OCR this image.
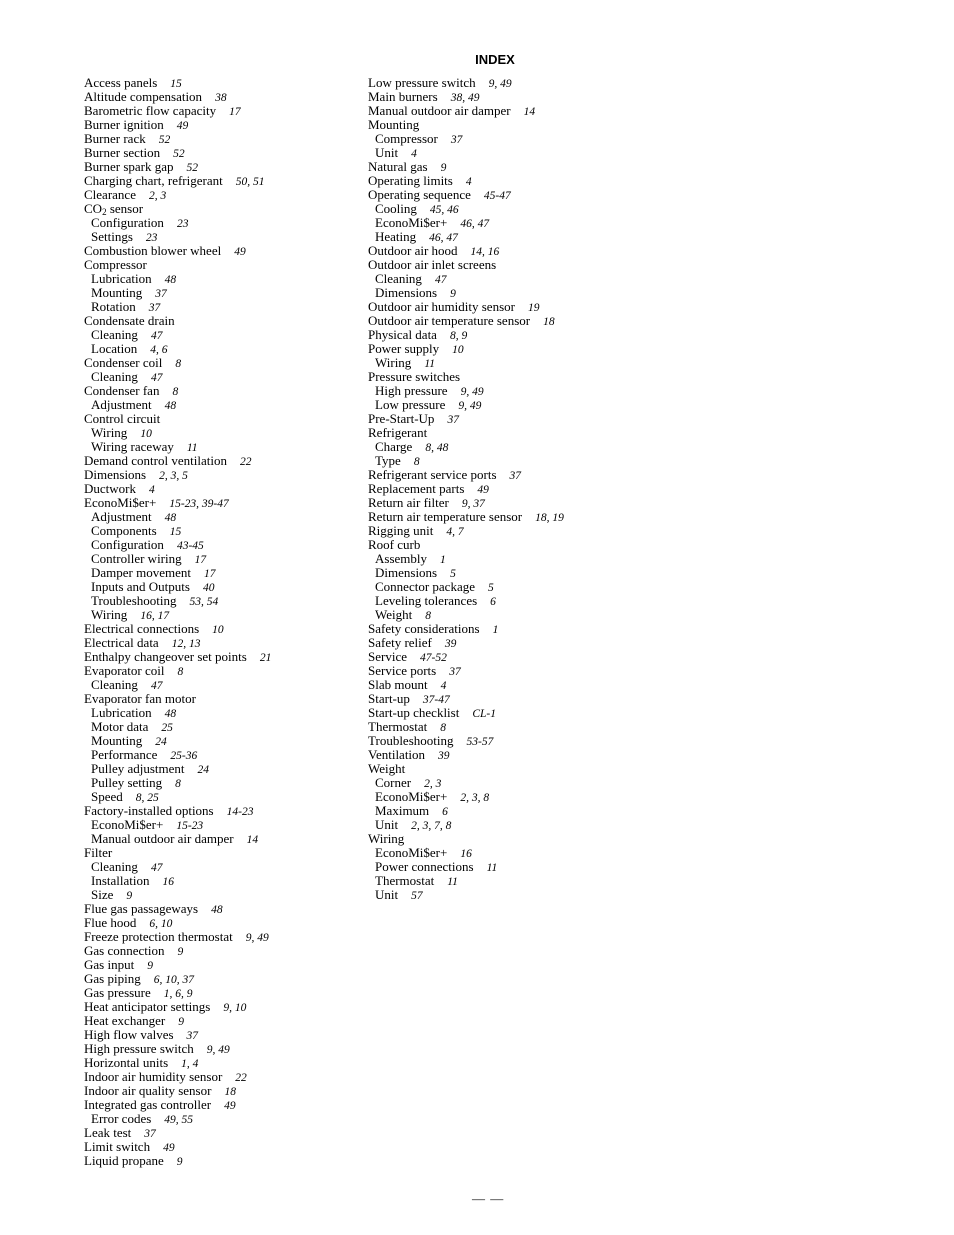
INDEX
Access panels 15
Altitude compensation 38
Barometric flow capacity 17
Burner ignition 49
Burner rack 52
Burner section 52
Burner spark gap 52
Charging chart, refrigerant 50, 51
Clearance 2, 3
$CO_2$ sensor
Configuration 23
Settings 23
Combustion blower wheel 49
Compressor
Lubrication 48
Mounting 37
Rotation 37
Condensate drain
Cleaning 47
Location 4, 6
Condenser coil 8
Cleaning 47
Condenser fan 8
Adjustment 48
Control circuit
Wiring 10
Wiring raceway 11
Demand control ventilation 22
Dimensions 2, 3, 5
Ductwork 4
EconoMi$er+ 15-23, 39-47
Adjustment 48
Components 15
Configuration 43-45
Controller wiring 17
Damper movement 17
Inputs and Outputs 40
Troubleshooting 53, 54
Wiring 16, 17
Electrical connections 10
Electrical data 12, 13
Enthalpy changeover set points 21
Evaporator coil 8
Cleaning 47
Evaporator fan motor
Lubrication 48
Motor data 25
Mounting 24
Performance 25-36
Pulley adjustment 24
Pulley setting 8
Speed 8, 25
Factory-installed options 14-23
EconoMi$er+ 15-23
Manual outdoor air damper 14
Filter
Cleaning 47
Installation 16
Size 9
Flue gas passageways 48
Flue hood 6, 10
Freeze protection thermostat 9, 49
Gas connection 9
Gas input 9
Gas piping 6, 10, 37
Gas pressure 1, 6, 9
Heat anticipator settings 9, 10
Heat exchanger 9
High flow valves 37
High pressure switch 9, 49
Horizontal units 1, 4
Indoor air humidity sensor 22
Indoor air quality sensor 18
Integrated gas controller 49
Error codes 49, 55
Leak test 37
Limit switch 49
Liquid propane 9
Low pressure switch 9, 49
Main burners 38, 49
Manual outdoor air damper 14
Mounting
Compressor 37
Unit 4
Natural gas 9
Operating limits 4
Operating sequence 45-47
Cooling 45, 46
EconoMi$er+ 46, 47
Heating 46, 47
Outdoor air hood 14, 16
Outdoor air inlet screens
Cleaning 47
Dimensions 9
Outdoor air humidity sensor 19
Outdoor air temperature sensor 18
Physical data 8, 9
Power supply 10
Wiring 11
Pressure switches
High pressure 9, 49
Low pressure 9, 49
Pre-Start-Up 37
Refrigerant
Charge 8, 48
Type 8
Refrigerant service ports 37
Replacement parts 49
Return air filter 9, 37
Return air temperature sensor 18, 19
Rigging unit 4, 7
Roof curb
Assembly 1
Dimensions 5
Connector package 5
Leveling tolerances 6
Weight 8
Safety considerations 1
Safety relief 39
Service 47-52
Service ports 37
Slab mount 4
Start-up 37-47
Start-up checklist CL-1
Thermostat 8
Troubleshooting 53-57
Ventilation 39
Weight
Corner 2, 3
EconoMi$er+ 2, 3, 8
Maximum 6
Unit 2, 3, 7, 8
Wiring
EconoMi$er+ 16
Power connections 11
Thermostat 11
Unit 57
— —
